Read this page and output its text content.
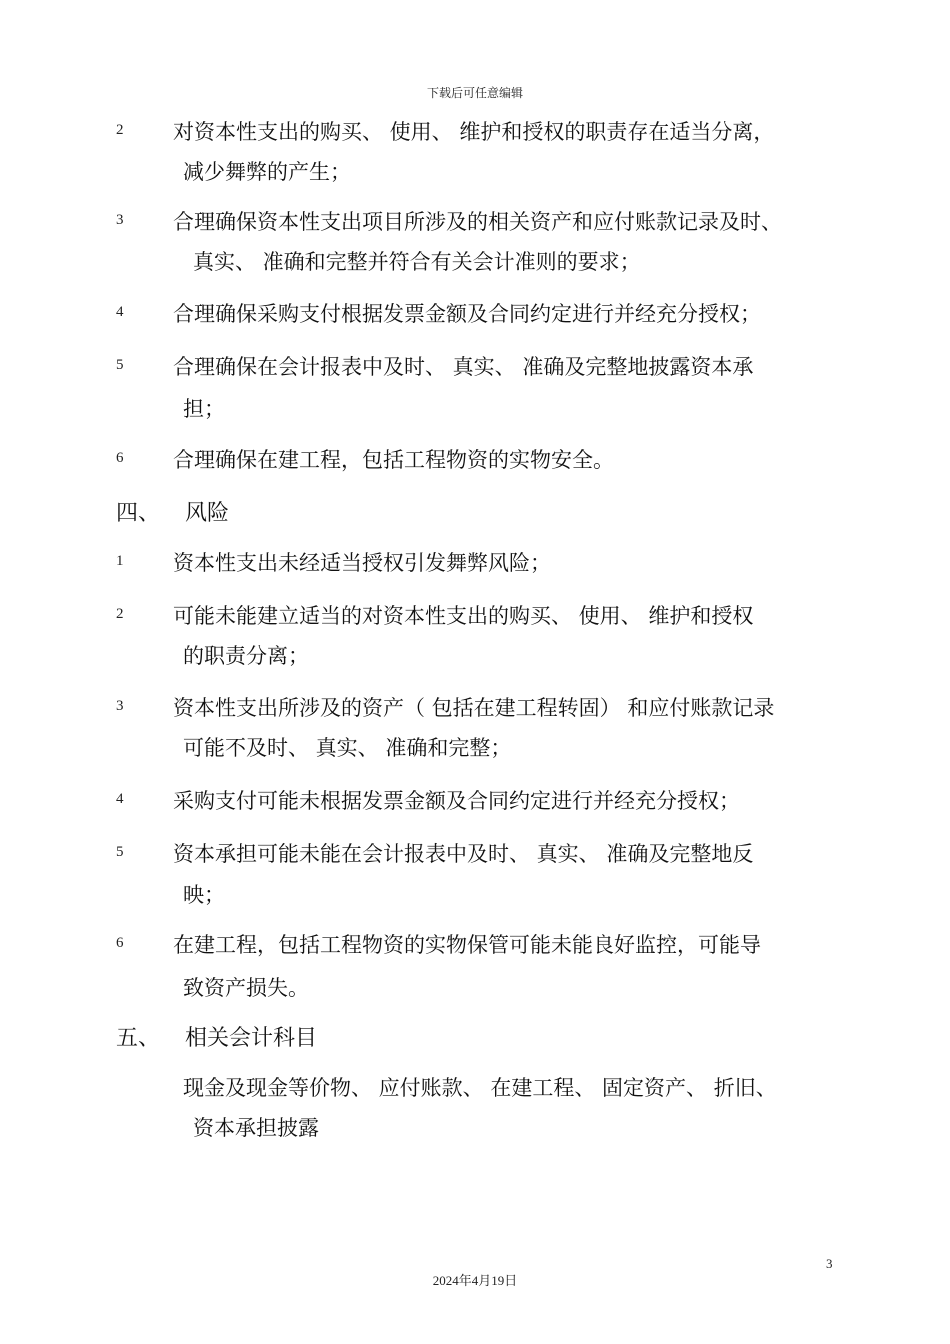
下载后可任意编辑
2 对资本性支出的购买、 使用、 维护和授权的职责存在适当分离，
减少舞弊的产生；
3 合理确保资本性支出项目所涉及的相关资产和应付账款记录及时、
真实、 准确和完整并符合有关会计准则的要求；
4 合理确保采购支付根据发票金额及合同约定进行并经充分授权；
5 合理确保在会计报表中及时、 真实、 准确及完整地披露资本承
担；
6 合理确保在建工程，包括工程物资的实物安全。
四、 风险
1 资本性支出未经适当授权引发舞弊风险；
2 可能未能建立适当的对资本性支出的购买、 使用、 维护和授权
的职责分离；
3 资本性支出所涉及的资产（ 包括在建工程转固） 和应付账款记录
可能不及时、 真实、 准确和完整；
4 采购支付可能未根据发票金额及合同约定进行并经充分授权；
5 资本承担可能未能在会计报表中及时、 真实、 准确及完整地反
映；
6 在建工程，包括工程物资的实物保管可能未能良好监控，可能导
致资产损失。
五、 相关会计科目
现金及现金等价物、 应付账款、 在建工程、 固定资产、 折旧、
资本承担披露
3
2024年4月19日
